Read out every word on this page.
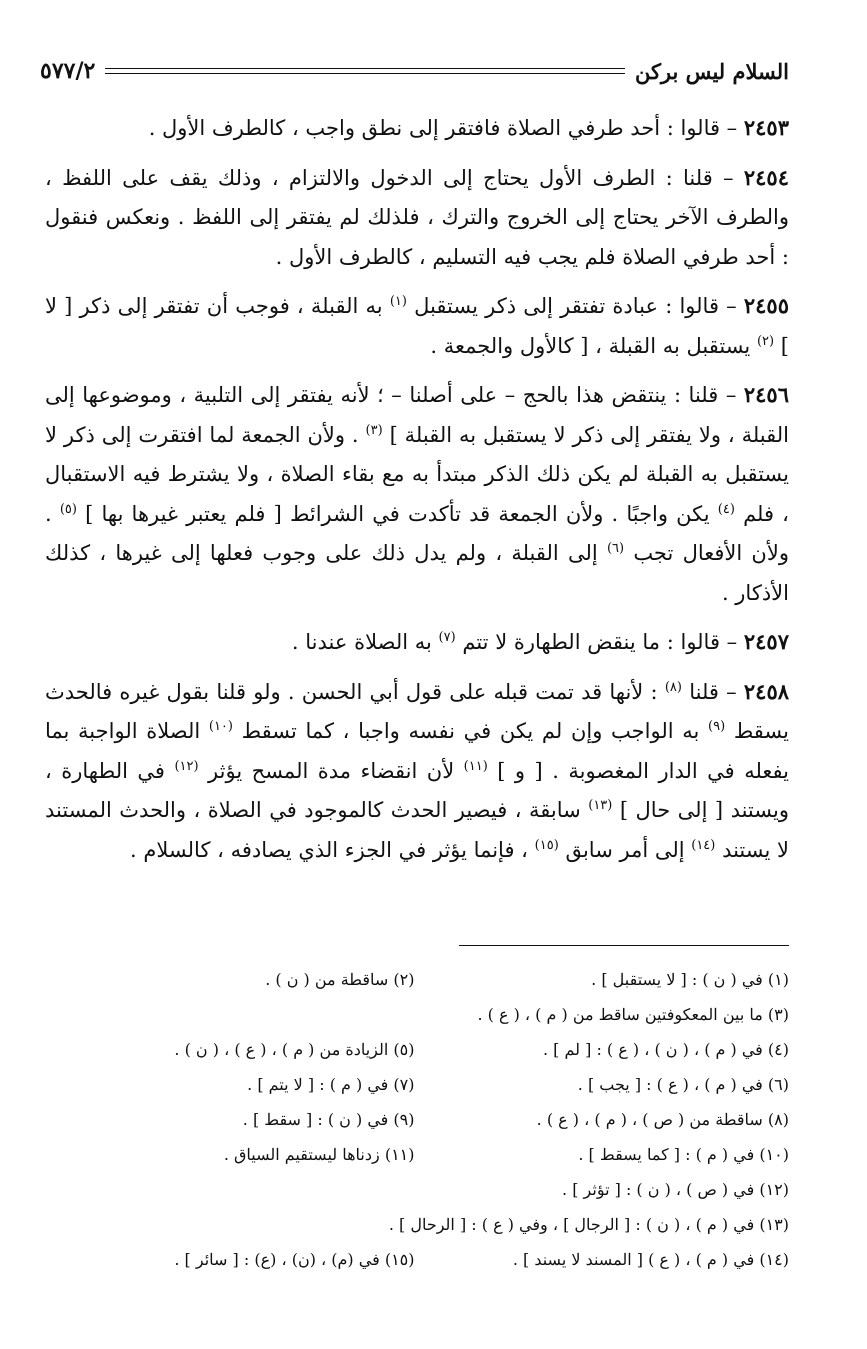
السلام ليس بركن
٥٧٧/٢

٢٤٥٣ – قالوا : أحد طرفي الصلاة فافتقر إلى نطق واجب ، كالطرف الأول .

٢٤٥٤ – قلنا : الطرف الأول يحتاج إلى الدخول والالتزام ، وذلك يقف على اللفظ ، والطرف الآخر يحتاج إلى الخروج والترك ، فلذلك لم يفتقر إلى اللفظ . ونعكس فنقول : أحد طرفي الصلاة فلم يجب فيه التسليم ، كالطرف الأول .

٢٤٥٥ – قالوا : عبادة تفتقر إلى ذكر يستقبل $^{(١)}$ به القبلة ، فوجب أن تفتقر إلى ذكر [ لا ] $^{(٢)}$ يستقبل به القبلة ، [ كالأول والجمعة .

٢٤٥٦ – قلنا : ينتقض هذا بالحج – على أصلنا – ؛ لأنه يفتقر إلى التلبية ، وموضوعها إلى القبلة ، ولا يفتقر إلى ذكر لا يستقبل به القبلة ] $^{(٣)}$ . ولأن الجمعة لما افتقرت إلى ذكر لا يستقبل به القبلة لم يكن ذلك الذكر مبتدأ به مع بقاء الصلاة ، ولا يشترط فيه الاستقبال ، فلم $^{(٤)}$ يكن واجبًا . ولأن الجمعة قد تأكدت في الشرائط [ فلم يعتبر غيرها بها ] $^{(٥)}$ . ولأن الأفعال تجب $^{(٦)}$ إلى القبلة ، ولم يدل ذلك على وجوب فعلها إلى غيرها ، كذلك الأذكار .

٢٤٥٧ – قالوا : ما ينقض الطهارة لا تتم $^{(٧)}$ به الصلاة عندنا .

٢٤٥٨ – قلنا $^{(٨)}$ : لأنها قد تمت قبله على قول أبي الحسن . ولو قلنا بقول غيره فالحدث يسقط $^{(٩)}$ به الواجب وإن لم يكن في نفسه واجبا ، كما تسقط $^{(١٠)}$ الصلاة الواجبة بما يفعله في الدار المغصوبة . [ و ] $^{(١١)}$ لأن انقضاء مدة المسح يؤثر $^{(١٢)}$ في الطهارة ، ويستند [ إلى حال ] $^{(١٣)}$ سابقة ، فيصير الحدث كالموجود في الصلاة ، والحدث المستند لا يستند $^{(١٤)}$ إلى أمر سابق $^{(١٥)}$ ، فإنما يؤثر في الجزء الذي يصادفه ، كالسلام .

(١) في ( ن ) : [ لا يستقبل ] .
(٢) ساقطة من ( ن ) .
(٣) ما بين المعكوفتين ساقط من ( م ) ، ( ع ) .
(٤) في ( م ) ، ( ن ) ، ( ع ) : [ لم ] .
(٥) الزيادة من ( م ) ، ( ع ) ، ( ن ) .
(٦) في ( م ) ، ( ع ) : [ يجب ] .
(٧) في ( م ) : [ لا يتم ] .
(٨) ساقطة من ( ص ) ، ( م ) ، ( ع ) .
(٩) في ( ن ) : [ سقط ] .
(١٠) في ( م ) : [ كما يسقط ] .
(١١) زدناها ليستقيم السياق .
(١٢) في ( ص ) ، ( ن ) : [ تؤثر ] .
(١٣) في ( م ) ، ( ن ) : [ الرجال ] ، وفي ( ع ) : [ الرحال ] .
(١٤) في ( م ) ، ( ع ) [ المسند لا يسند ] .
(١٥) في (م) ، (ن) ، (ع) : [ سائر ] .
